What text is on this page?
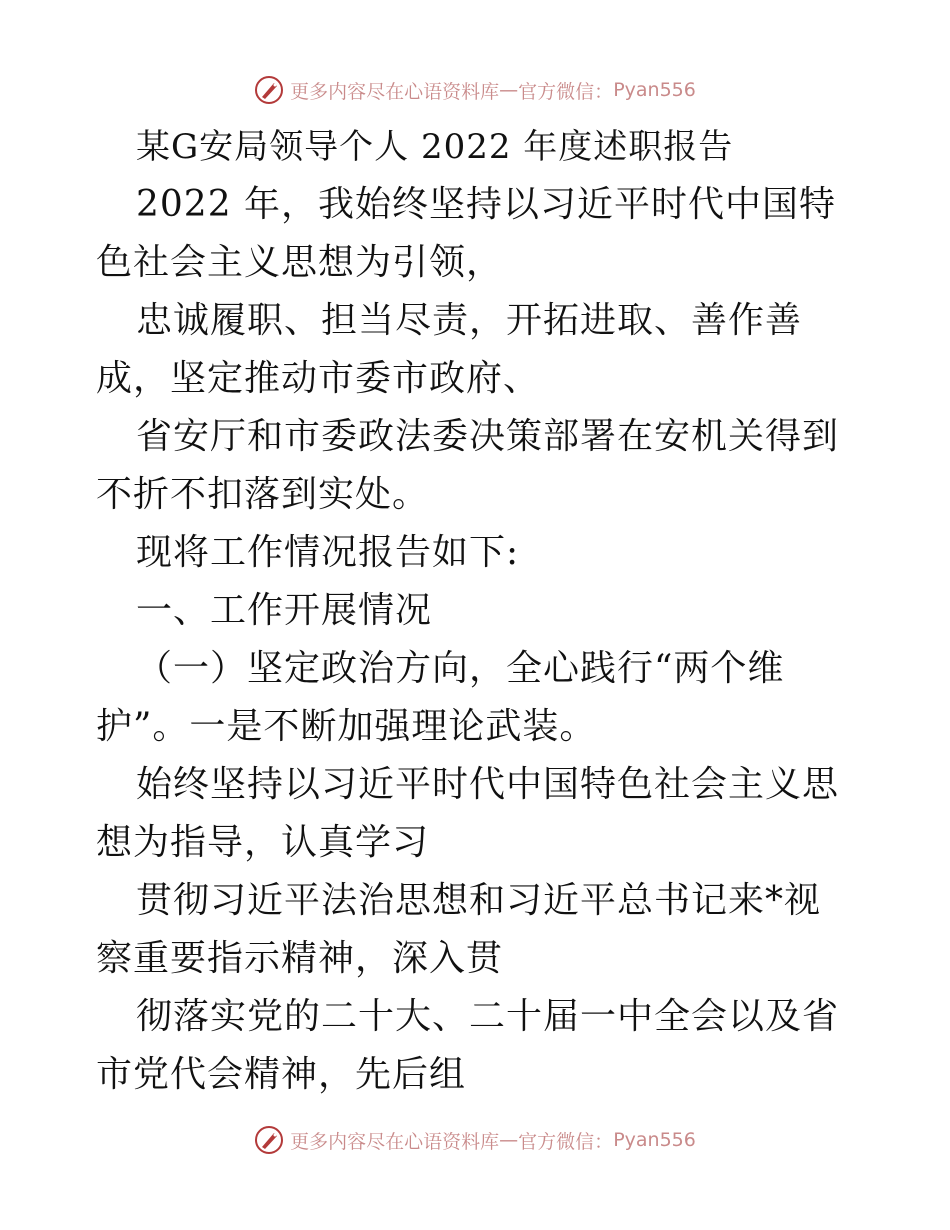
更多内容尽在心语资料库 — 官方微信： Pyan556

某G安局领导个人 2022 年度述职报告

2022 年，我始终坚持以习近平时代中国特色社会主义思想为引领，

忠诚履职、担当尽责，开拓进取、善作善成，坚定推动市委市政府、

省安厅和市委政法委决策部署在安机关得到不折不扣落到实处。

现将工作情况报告如下:

一、工作开展情况

（一）坚定政治方向，全心践行“两个维护”。一是不断加强理论武装。

始终坚持以习近平时代中国特色社会主义思想为指导，认真学习

贯彻习近平法治思想和习近平总书记来*视察重要指示精神，深入贯

彻落实党的二十大、二十届一中全会以及省市党代会精神，先后组

更多内容尽在心语资料库 — 官方微信： Pyan556
